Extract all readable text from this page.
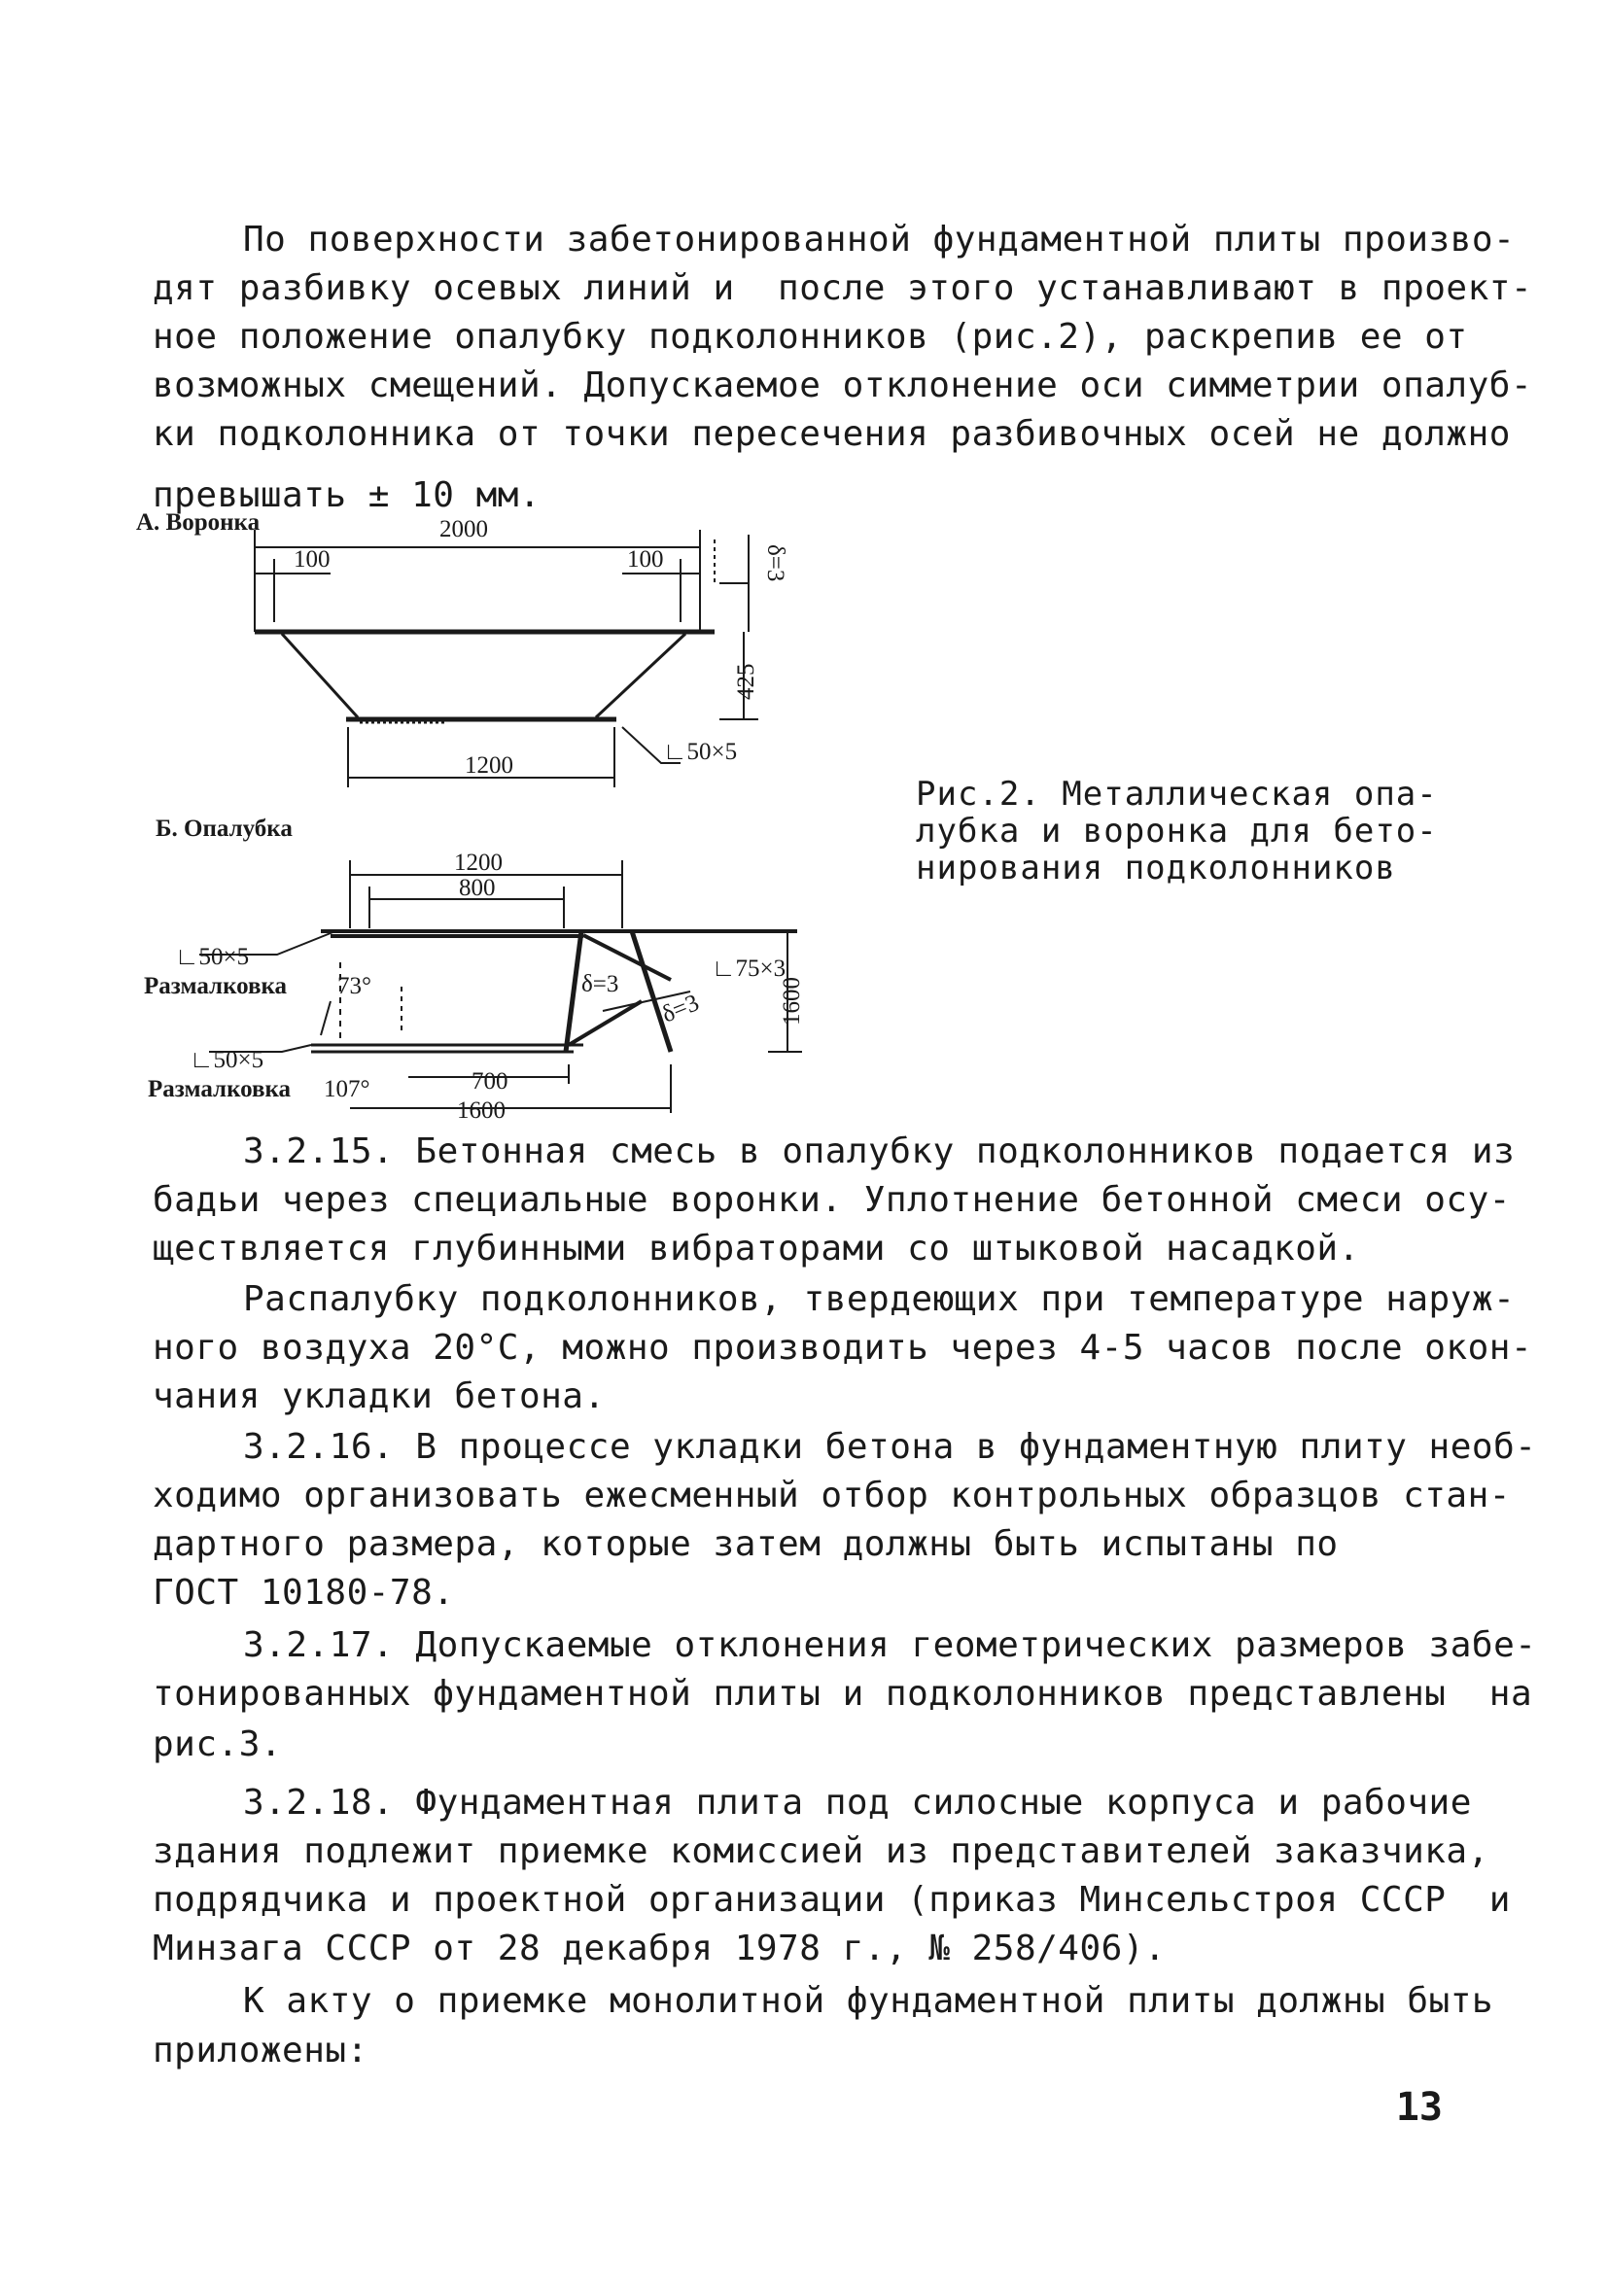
По поверхности забетонированной фундаментной плиты произво-

дят разбивку осевых линий и  после этого устанавливают в проект-

ное положение опалубку подколонников (рис.2), раскрепив ее от

возможных смещений. Допускаемое отклонение оси симметрии опалуб-

ки подколонника от точки пересечения разбивочных осей не должно

превышать ± 10 мм.

А. Воронка	2000
100	100	δ=3
425
1200
∟50×5
Б. Опалубка
1200
800
∟50×5
Размалковка 73°	δ=3
∟75×3
δ=3	1600
∟50×5
Размалковка 107°	700
1600

Рис.2. Металлическая опа-

лубка и воронка для бето-

нирования подколонников

3.2.15. Бетонная смесь в опалубку подколонников подается из

бадьи через специальные воронки. Уплотнение бетонной смеси осу-

ществляется глубинными вибраторами со штыковой насадкой.

Распалубку подколонников, твердеющих при температуре наруж-

ного воздуха 20°С, можно производить через 4-5 часов после окон-

чания укладки бетона.

3.2.16. В процессе укладки бетона в фундаментную плиту необ-

ходимо организовать ежесменный отбор контрольных образцов стан-

дартного размера, которые затем должны быть испытаны по

ГОСТ 10180-78.

3.2.17. Допускаемые отклонения геометрических размеров забе-

тонированных фундаментной плиты и подколонников представлены  на

рис.3.

3.2.18. Фундаментная плита под силосные корпуса и рабочие

здания подлежит приемке комиссией из представителей заказчика,

подрядчика и проектной организации (приказ Минсельстроя СССР  и

Минзага СССР от 28 декабря 1978 г., № 258/406).

К акту о приемке монолитной фундаментной плиты должны быть

приложены:

13
